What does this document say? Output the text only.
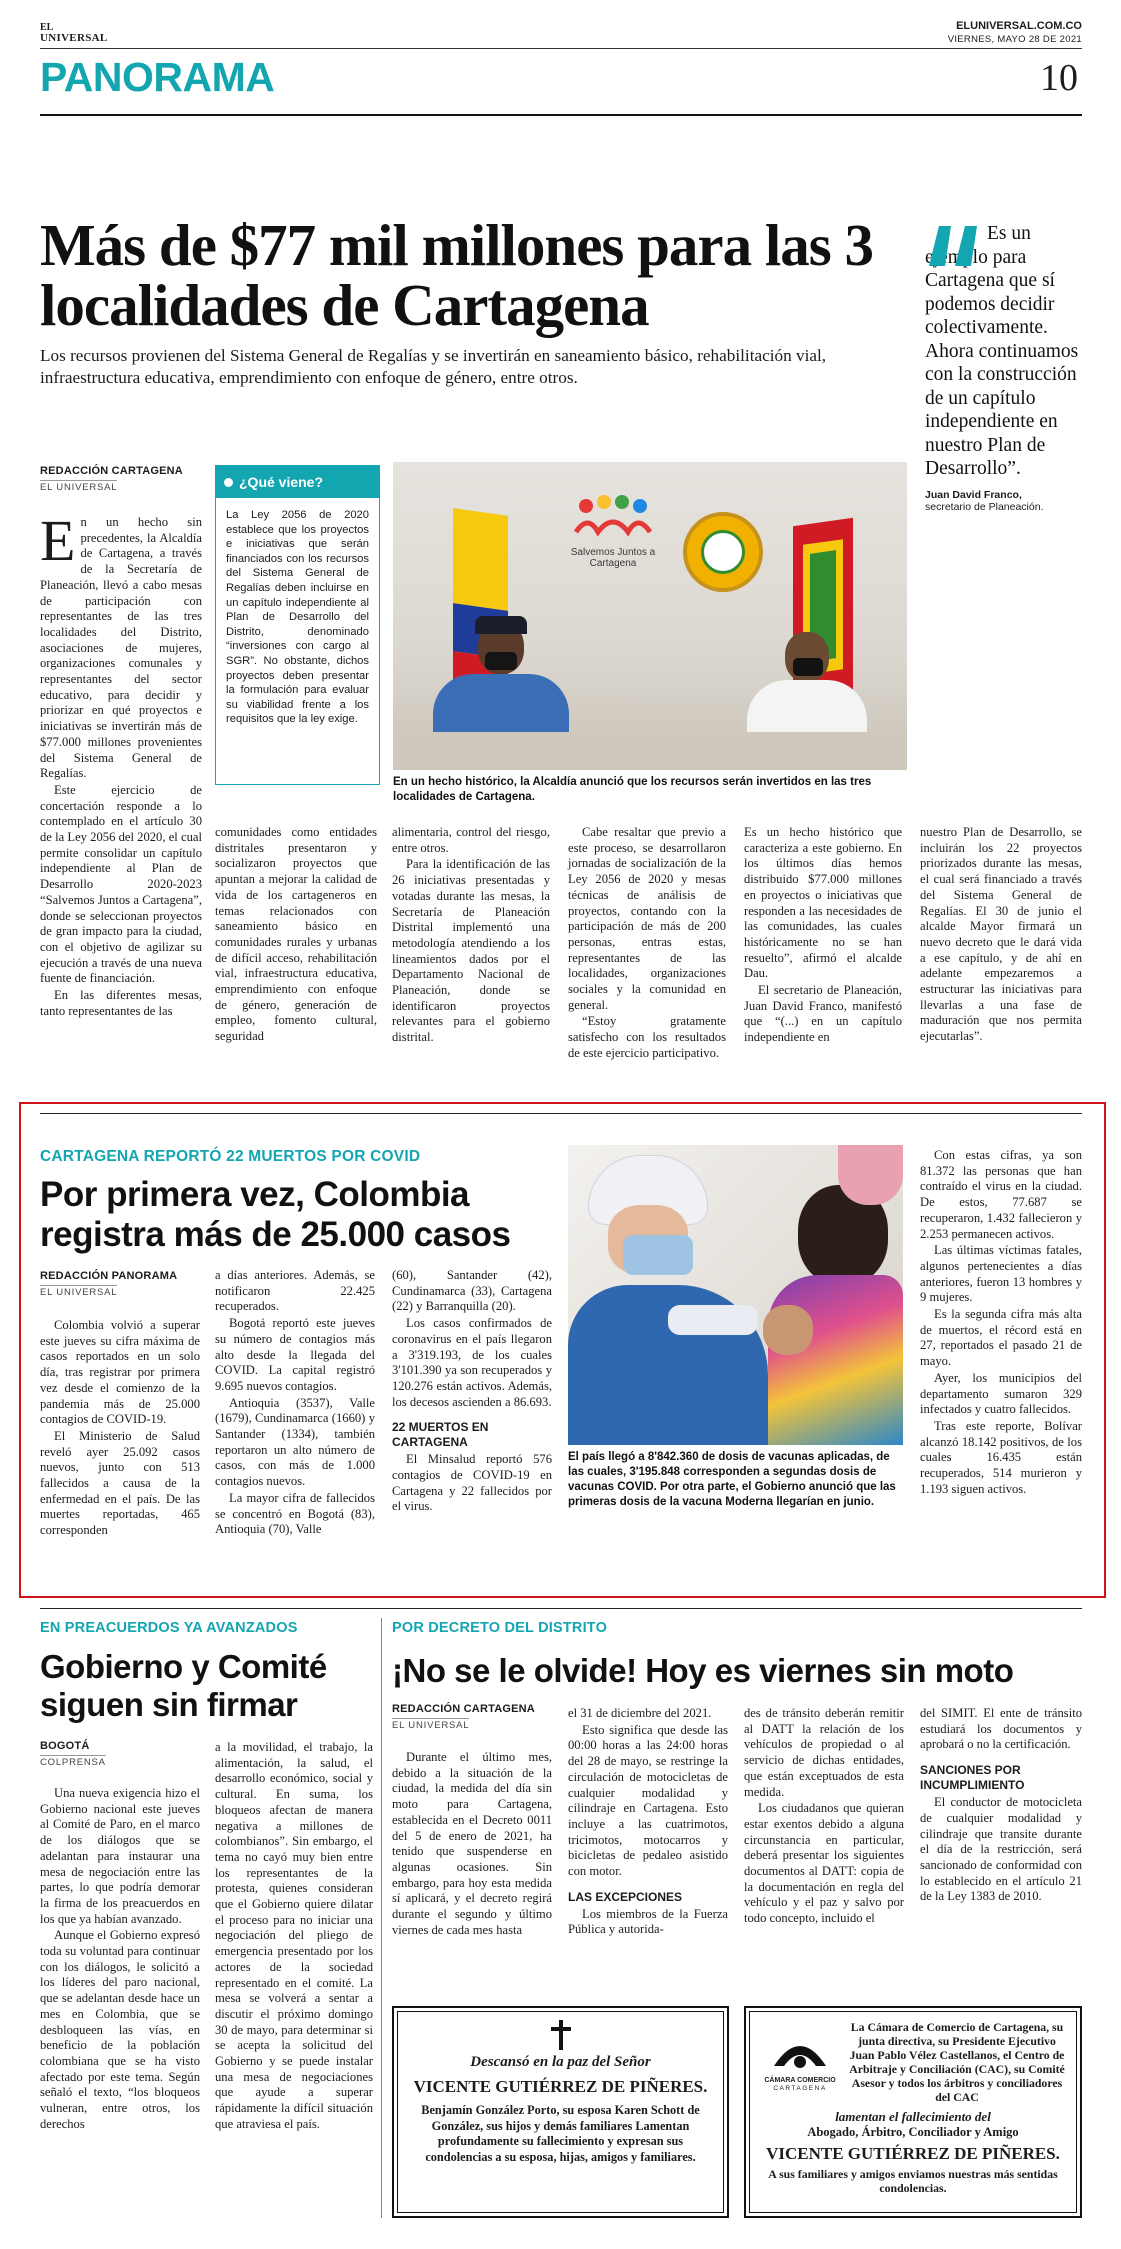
EL
UNIVERSAL
ELUNIVERSAL.COM.CO
VIERNES, MAYO 28 DE 2021
PANORAMA	10
Más de $77 mil millones para las 3 localidades de Cartagena
Los recursos provienen del Sistema General de Regalías y se invertirán en saneamiento básico, rehabilitación vial, infraestructura educativa, emprendimiento con enfoque de género, entre otros.
Es un ejemplo para Cartagena que sí podemos decidir colectivamente. Ahora continuamos con la construcción de un capítulo independiente en nuestro Plan de Desarrollo”.
Juan David Franco,
secretario de Planeación.
REDACCIÓN CARTAGENA
EL UNIVERSAL

En un hecho sin precedentes, la Alcaldía de Cartagena, a través de la Secretaría de Planeación, llevó a cabo mesas de participación con representantes de las tres localidades del Distrito, asociaciones de mujeres, organizaciones comunales y representantes del sector educativo, para decidir y priorizar en qué proyectos e iniciativas se invertirán más de $77.000 millones provenientes del Sistema General de Regalías.

Este ejercicio de concertación responde a lo contemplado en el artículo 30 de la Ley 2056 del 2020, el cual permite consolidar un capítulo independiente al Plan de Desarrollo 2020-2023 “Salvemos Juntos a Cartagena”, donde se seleccionan proyectos de gran impacto para la ciudad, con el objetivo de agilizar su ejecución a través de una nueva fuente de financiación.

En las diferentes mesas, tanto representantes de las

¿Qué viene?
La Ley 2056 de 2020 establece que los proyectos e iniciativas que serán financiados con los recursos del Sistema General de Regalías deben incluirse en un capítulo independiente al Plan de Desarrollo del Distrito, denominado “inversiones con cargo al SGR”. No obstante, dichos proyectos deben presentar la formulación para evaluar su viabilidad frente a los requisitos que la ley exige.
Salvemos Juntos a Cartagena
En un hecho histórico, la Alcaldía anunció que los recursos serán invertidos en las tres localidades de Cartagena.

comunidades como entidades distritales presentaron y socializaron proyectos que apuntan a mejorar la calidad de vida de los cartageneros en temas relacionados con saneamiento básico en comunidades rurales y urbanas de difícil acceso, rehabilitación vial, infraestructura educativa, emprendimiento con enfoque de género, generación de empleo, fomento cultural, seguridad

alimentaria, control del riesgo, entre otros.

Para la identificación de las 26 iniciativas presentadas y votadas durante las mesas, la Secretaría de Planeación Distrital implementó una metodología atendiendo a los lineamientos dados por el Departamento Nacional de Planeación, donde se identificaron proyectos relevantes para el gobierno distrital.

Cabe resaltar que previo a este proceso, se desarrollaron jornadas de socialización de la Ley 2056 de 2020 y mesas técnicas de análisis de proyectos, contando con la participación de más de 200 personas, entras estas, representantes de las localidades, organizaciones sociales y la comunidad en general.

“Estoy gratamente satisfecho con los resultados de este ejercicio participativo.

Es un hecho histórico que caracteriza a este gobierno. En los últimos días hemos distribuido $77.000 millones en proyectos o iniciativas que responden a las necesidades de las comunidades, las cuales históricamente no se han resuelto”, afirmó el alcalde Dau.

El secretario de Planeación, Juan David Franco, manifestó que “(...) en un capítulo independiente en

nuestro Plan de Desarrollo, se incluirán los 22 proyectos priorizados durante las mesas, el cual será financiado a través del Sistema General de Regalías. El 30 de junio el alcalde Mayor firmará un nuevo decreto que le dará vida a ese capítulo, y de ahí en adelante empezaremos a estructurar las iniciativas para llevarlas a una fase de maduración que nos permita ejecutarlas”.

CARTAGENA REPORTÓ 22 MUERTOS POR COVID
Por primera vez, Colombia registra más de 25.000 casos
REDACCIÓN PANORAMA
EL UNIVERSAL

Colombia volvió a superar este jueves su cifra máxima de casos reportados en un solo día, tras registrar por primera vez desde el comienzo de la pandemia más de 25.000 contagios de COVID-19.

El Ministerio de Salud reveló ayer 25.092 casos nuevos, junto con 513 fallecidos a causa de la enfermedad en el país. De las muertes reportadas, 465 corresponden

a días anteriores. Además, se notificaron 22.425 recuperados.

Bogotá reportó este jueves su número de contagios más alto desde la llegada del COVID. La capital registró 9.695 nuevos contagios.

Antioquia (3537), Valle (1679), Cundinamarca (1660) y Santander (1334), también reportaron un alto número de casos, con más de 1.000 contagios nuevos.

La mayor cifra de fallecidos se concentró en Bogotá (83), Antioquia (70), Valle

(60), Santander (42), Cundinamarca (33), Cartagena (22) y Barranquilla (20).

Los casos confirmados de coronavirus en el país llegaron a 3'319.193, de los cuales 3'101.390 ya son recuperados y 120.276 están activos. Además, los decesos ascienden a 86.693.

22 MUERTOS EN CARTAGENA

El Minsalud reportó 576 contagios de COVID-19 en Cartagena y 22 fallecidos por el virus.

El país llegó a 8'842.360 de dosis de vacunas aplicadas, de las cuales, 3'195.848 corresponden a segundas dosis de vacunas COVID. Por otra parte, el Gobierno anunció que las primeras dosis de la vacuna Moderna llegarían en junio.

Con estas cifras, ya son 81.372 las personas que han contraído el virus en la ciudad. De estos, 77.687 se recuperaron, 1.432 fallecieron y 2.253 permanecen activos.

Las últimas víctimas fatales, algunos pertenecientes a días anteriores, fueron 13 hombres y 9 mujeres.

Es la segunda cifra más alta de muertos, el récord está en 27, reportados el pasado 21 de mayo.

Ayer, los municipios del departamento sumaron 329 infectados y cuatro fallecidos.

Tras este reporte, Bolívar alcanzó 18.142 positivos, de los cuales 16.435 están recuperados, 514 murieron y 1.193 siguen activos.

EN PREACUERDOS YA AVANZADOS
Gobierno y Comité siguen sin firmar
BOGOTÁ
COLPRENSA

Una nueva exigencia hizo el Gobierno nacional este jueves al Comité de Paro, en el marco de los diálogos que se adelantan para instaurar una mesa de negociación entre las partes, lo que podría demorar la firma de los preacuerdos en los que ya habían avanzado.

Aunque el Gobierno expresó toda su voluntad para continuar con los diálogos, le solicitó a los líderes del paro nacional, que se adelantan desde hace un mes en Colombia, que se desbloqueen las vías, en beneficio de la población colombiana que se ha visto afectado por este tema. Según señaló el texto, “los bloqueos vulneran, entre otros, los derechos

a la movilidad, el trabajo, la alimentación, la salud, el desarrollo económico, social y cultural. En suma, los bloqueos afectan de manera negativa a millones de colombianos”. Sin embargo, el tema no cayó muy bien entre los representantes de la protesta, quienes consideran que el Gobierno quiere dilatar el proceso para no iniciar una negociación del pliego de emergencia presentado por los actores de la sociedad representado en el comité. La mesa se volverá a sentar a discutir el próximo domingo 30 de mayo, para determinar si se acepta la solicitud del Gobierno y se puede instalar una mesa de negociaciones que ayude a superar rápidamente la difícil situación que atraviesa el país.

POR DECRETO DEL DISTRITO
¡No se le olvide! Hoy es viernes sin moto
REDACCIÓN CARTAGENA
EL UNIVERSAL

Durante el último mes, debido a la situación de la ciudad, la medida del día sin moto para Cartagena, establecida en el Decreto 0011 del 5 de enero de 2021, ha tenido que suspenderse en algunas ocasiones. Sin embargo, para hoy esta medida sí aplicará, y el decreto regirá durante el segundo y último viernes de cada mes hasta

el 31 de diciembre del 2021.

Esto significa que desde las 00:00 horas a las 24:00 horas del 28 de mayo, se restringe la circulación de motocicletas de cualquier modalidad y cilindraje en Cartagena. Esto incluye a las cuatrimotos, tricimotos, motocarros y bicicletas de pedaleo asistido con motor.

LAS EXCEPCIONES

Los miembros de la Fuerza Pública y autorida-

des de tránsito deberán remitir al DATT la relación de los vehículos de propiedad o al servicio de dichas entidades, que están exceptuados de esta medida.

Los ciudadanos que quieran estar exentos debido a alguna circunstancia en particular, deberá presentar los siguientes documentos al DATT: copia de la documentación en regla del vehículo y el paz y salvo por todo concepto, incluido el

del SIMIT. El ente de tránsito estudiará los documentos y aprobará o no la certificación.

SANCIONES POR INCUMPLIMIENTO

El conductor de motocicleta de cualquier modalidad y cilindraje que transite durante el día de la restricción, será sancionado de conformidad con lo establecido en el artículo 21 de la Ley 1383 de 2010.

Descansó en la paz del Señor
VICENTE GUTIÉRREZ DE PIÑERES.
Benjamín González Porto, su esposa Karen Schott de González, sus hijos y demás familiares Lamentan profundamente su fallecimiento y expresan sus condolencias a su esposa, hijas, amigos y familiares.
CÁMARA COMERCIO
CARTAGENA
La Cámara de Comercio de Cartagena, su junta directiva, su Presidente Ejecutivo Juan Pablo Vélez Castellanos, el Centro de Arbitraje y Conciliación (CAC), su Comité Asesor y todos los árbitros y conciliadores del CAC
lamentan el fallecimiento del
Abogado, Árbitro, Conciliador y Amigo
VICENTE GUTIÉRREZ DE PIÑERES.
A sus familiares y amigos enviamos nuestras más sentidas condolencias.
